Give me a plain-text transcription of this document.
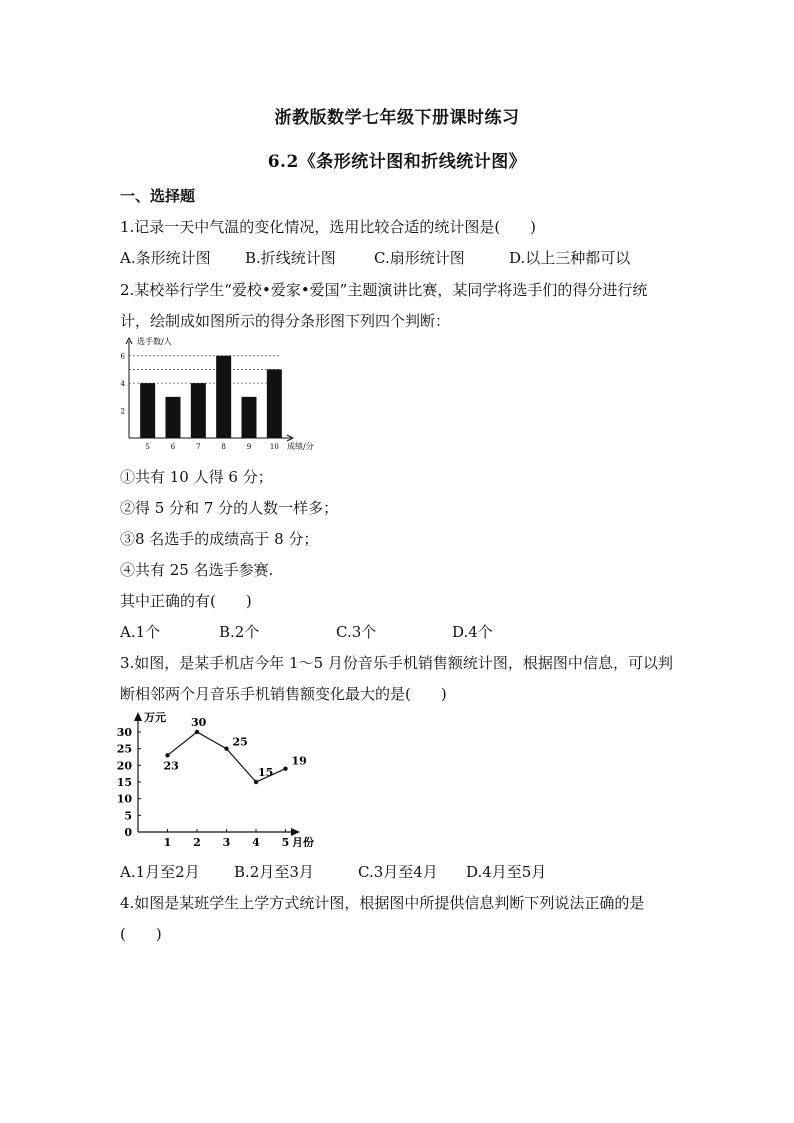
浙教版数学七年级下册课时练习
6.2《条形统计图和折线统计图》
一、选择题
1.记录一天中气温的变化情况，选用比较合适的统计图是(　　)
A.条形统计图 B.折线统计图	C.扇形统计图	D.以上三种都可以
2.某校举行学生“爱校•爱家•爱国”主题演讲比赛，某同学将选手们的得分进行统
计，绘制成如图所示的得分条形图下列四个判断：
2
4
6
5	6	7	8	9	10
选手数/人
成绩/分
①共有 10 人得 6 分；
②得 5 分和 7 分的人数一样多；
③8 名选手的成绩高于 8 分；
④共有 25 名选手参赛.
其中正确的有(　　)
A.1个	B.2个	C.3个	D.4个
3.如图，是某手机店今年 1～5 月份音乐手机销售额统计图，根据图中信息，可以判
断相邻两个月音乐手机销售额变化最大的是(　　)
0
5
10
15
20
25
30
1 2 3 4 5
23
30
25
15
19
万元
月份
A.1月至2月 B.2月至3月	C.3月至4月 D.4月至5月
4.如图是某班学生上学方式统计图，根据图中所提供信息判断下列说法正确的是
(　　)
